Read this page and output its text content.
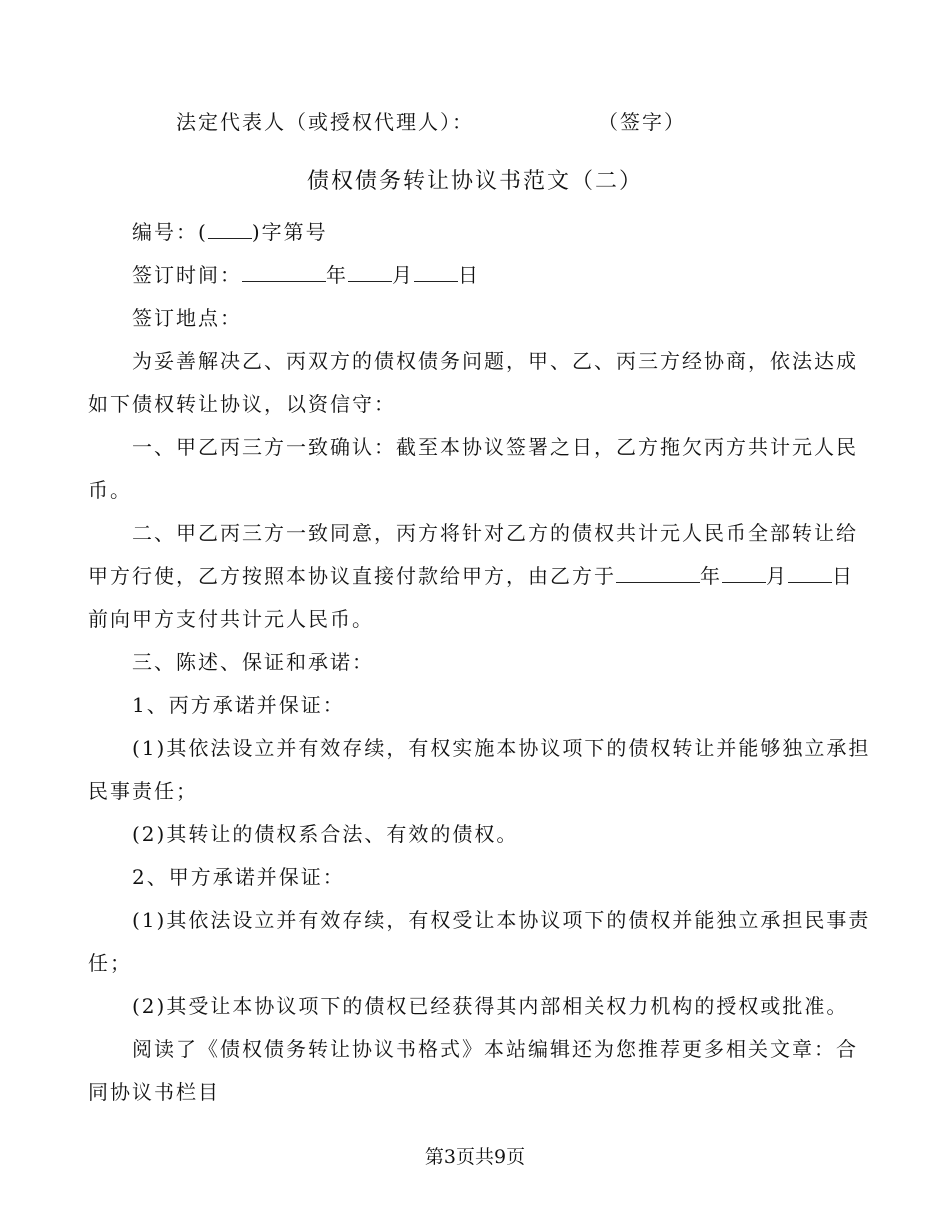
法定代表人（或授权代理人）：	（签字）
债权债务转让协议书范文（二）
编号：( )字第号
签订时间：	年 月 日
签订地点：
为妥善解决乙、丙双方的债权债务问题，甲、乙、丙三方经协商，依法达成
如下债权转让协议，以资信守：
一、甲乙丙三方一致确认：截至本协议签署之日，乙方拖欠丙方共计元人民
币。
二、甲乙丙三方一致同意，丙方将针对乙方的债权共计元人民币全部转让给
甲方行使，乙方按照本协议直接付款给甲方，由乙方于	年 月 日
前向甲方支付共计元人民币。
三、陈述、保证和承诺：
1、丙方承诺并保证：
(1)其依法设立并有效存续，有权实施本协议项下的债权转让并能够独立承担
民事责任；
(2)其转让的债权系合法、有效的债权。
2、甲方承诺并保证：
(1)其依法设立并有效存续，有权受让本协议项下的债权并能独立承担民事责
任；
(2)其受让本协议项下的债权已经获得其内部相关权力机构的授权或批准。
阅读了《债权债务转让协议书格式》本站编辑还为您推荐更多相关文章：合
同协议书栏目
第3页共9页
